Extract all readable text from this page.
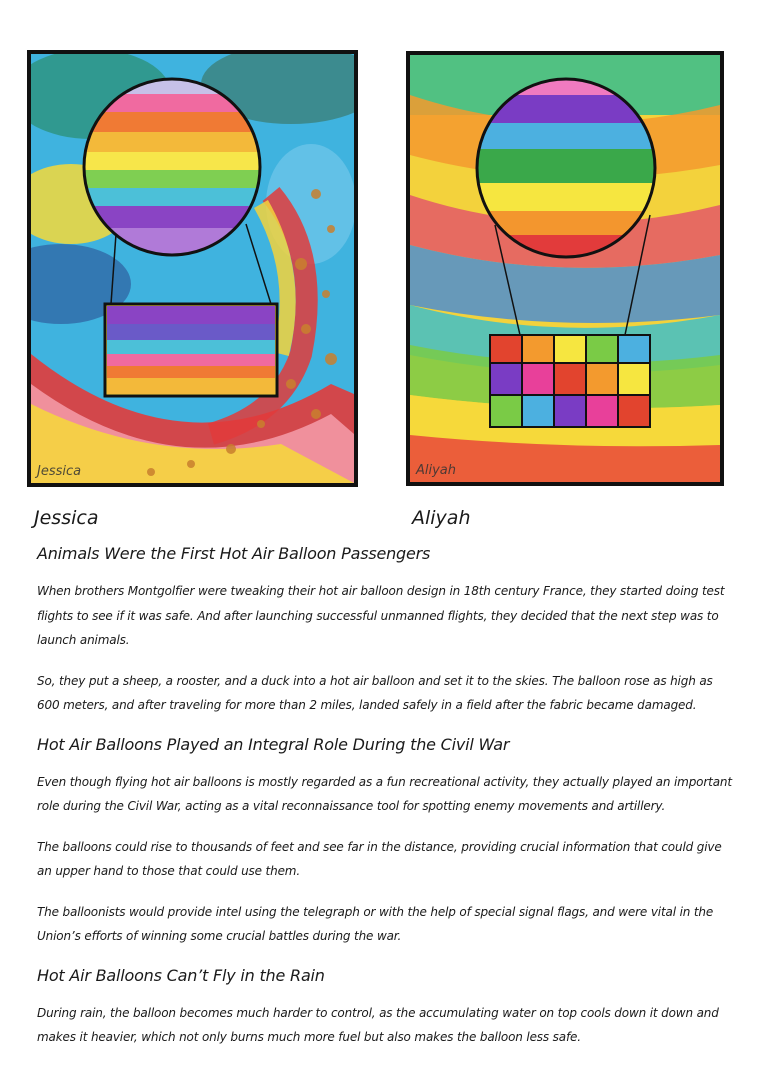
Jessica	Aliyah
Jessica	Aliyah
Animals Were the First Hot Air Balloon Passengers

When brothers Montgolfier were tweaking their hot air balloon design in 18th century France, they started doing test flights to see if it was safe. And after launching successful unmanned flights, they decided that the next step was to launch animals.

So, they put a sheep, a rooster, and a duck into a hot air balloon and set it to the skies. The balloon rose as high as 600 meters, and after traveling for more than 2 miles, landed safely in a field after the fabric became damaged.

Hot Air Balloons Played an Integral Role During the Civil War

Even though flying hot air balloons is mostly regarded as a fun recreational activity, they actually played an important role during the Civil War, acting as a vital reconnaissance tool for spotting enemy movements and artillery.

The balloons could rise to thousands of feet and see far in the distance, providing crucial information that could give an upper hand to those that could use them.

The balloonists would provide intel using the telegraph or with the help of special signal flags, and were vital in the Union’s efforts of winning some crucial battles during the war.

Hot Air Balloons Can’t Fly in the Rain

During rain, the balloon becomes much harder to control, as the accumulating water on top cools down it down and makes it heavier, which not only burns much more fuel but also makes the balloon less safe.
